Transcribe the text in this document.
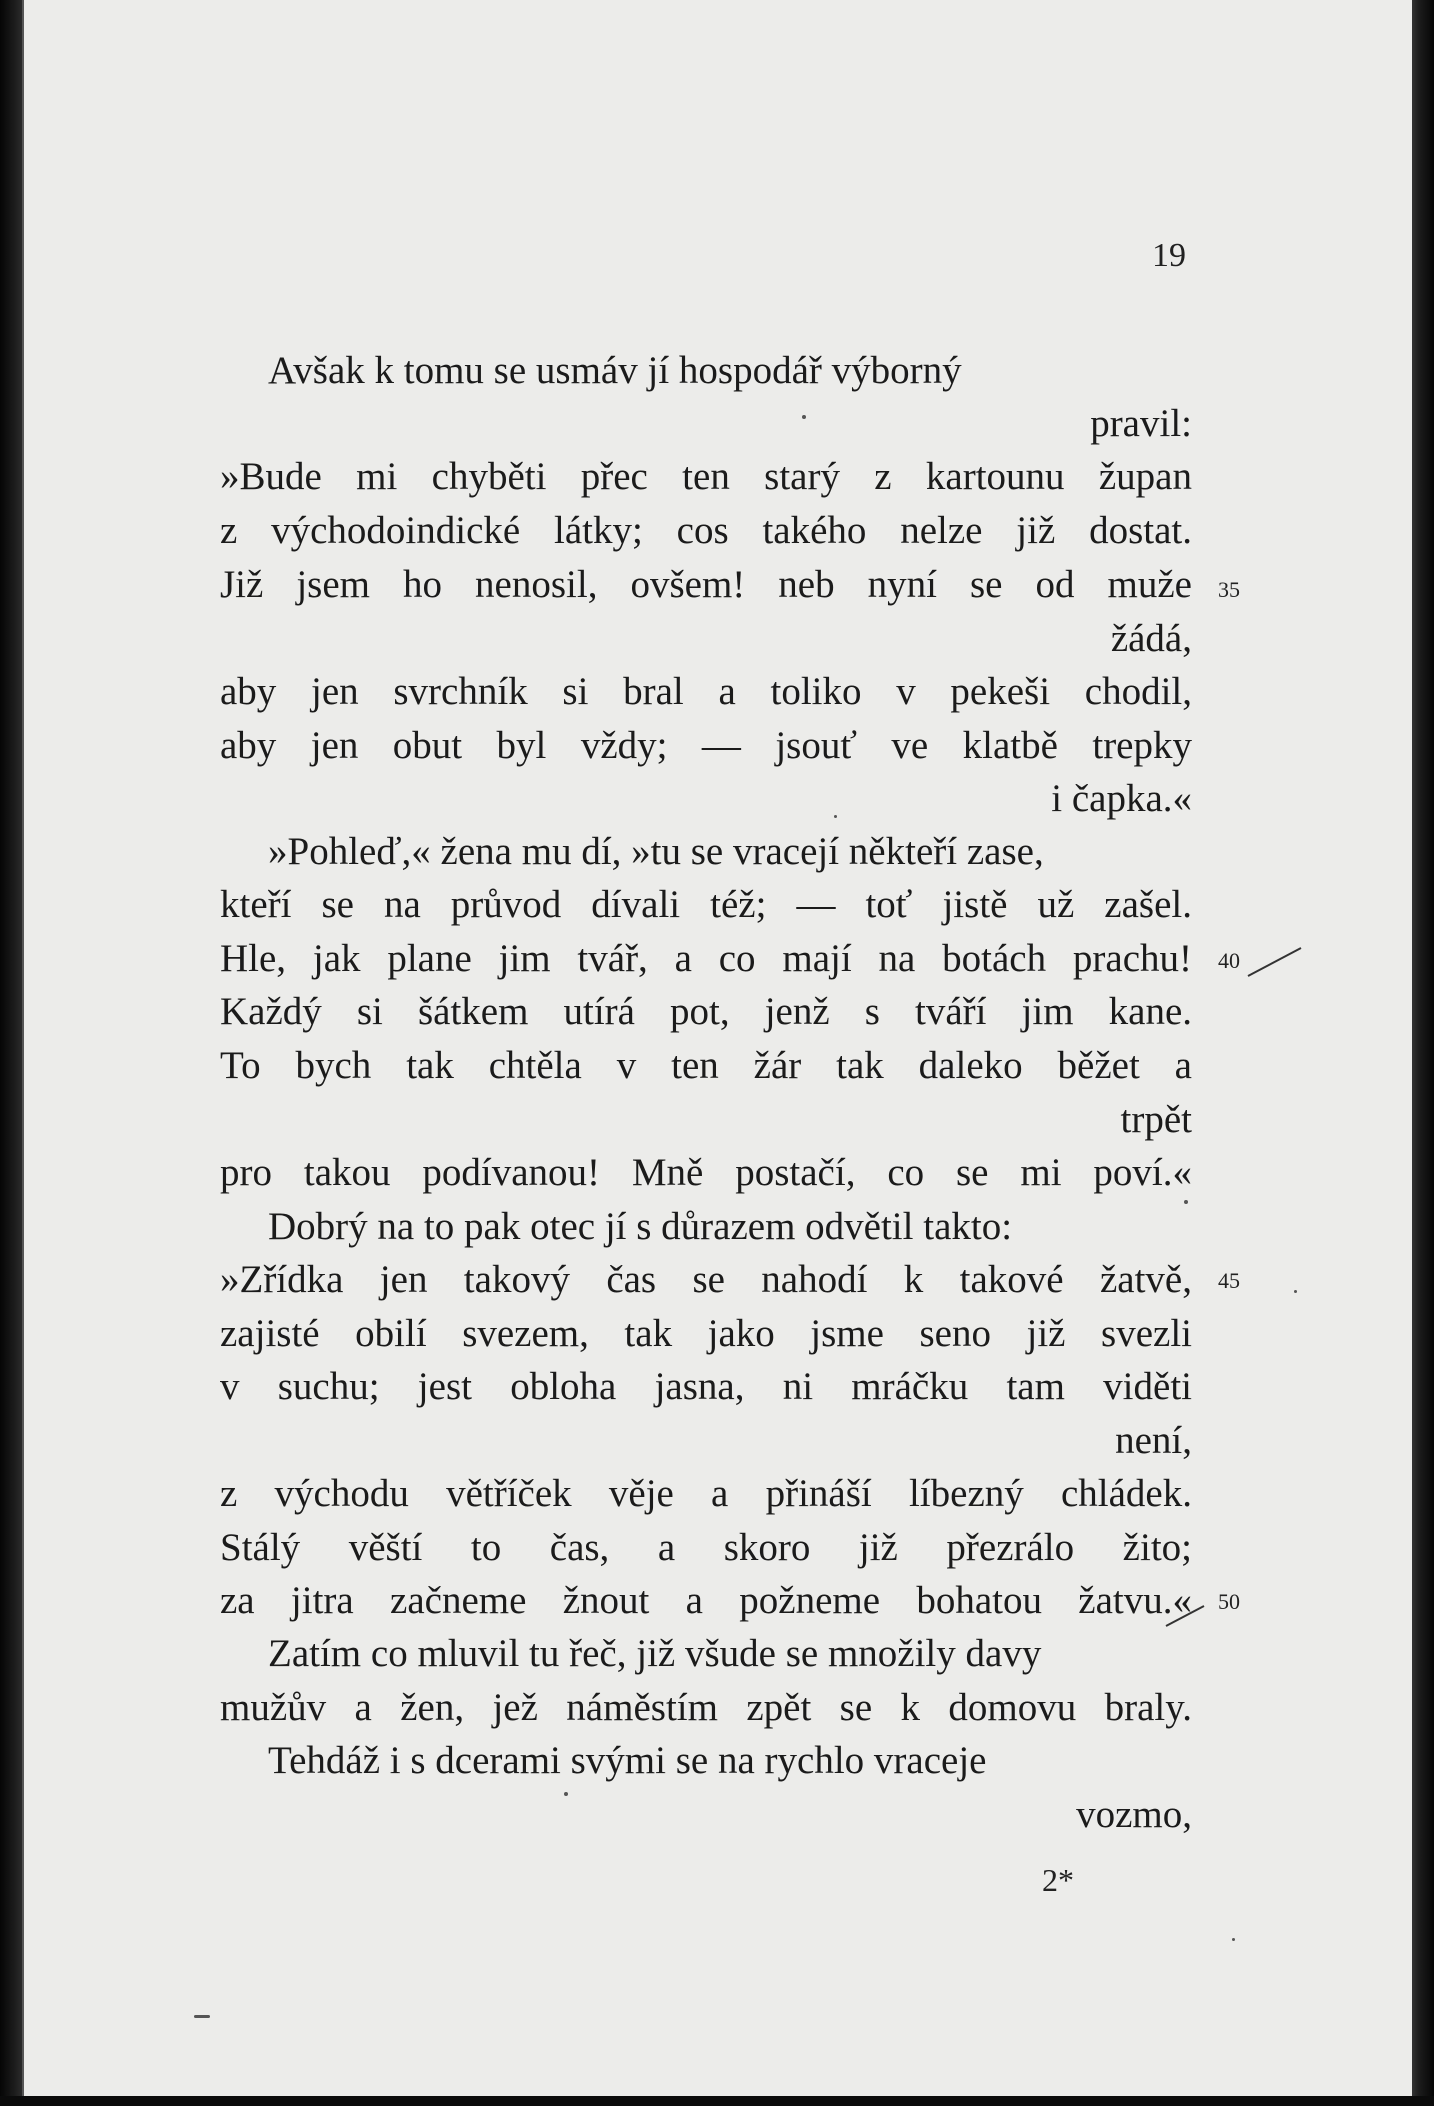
19
Avšak k tomu se usmáv jí hospodář výborný
pravil:
»Bude mi chyběti přec ten starý z kartounu župan
z východoindické látky; cos takého nelze již dostat.
Již jsem ho nenosil, ovšem! neb nyní se od muže
žádá,
aby jen svrchník si bral a toliko v pekeši chodil,
aby jen obut byl vždy; — jsouť ve klatbě trepky
i čapka.«
»Pohleď,« žena mu dí, »tu se vracejí někteří zase,
kteří se na průvod dívali též; — toť jistě už zašel.
Hle, jak plane jim tvář, a co mají na botách prachu!
Každý si šátkem utírá pot, jenž s tváří jim kane.
To bych tak chtěla v ten žár tak daleko běžet a
trpět
pro takou podívanou! Mně postačí, co se mi poví.«
Dobrý na to pak otec jí s důrazem odvětil takto:
»Zřídka jen takový čas se nahodí k takové žatvě,
zajisté obilí svezem, tak jako jsme seno již svezli
v suchu; jest obloha jasna, ni mráčku tam viděti
není,
z východu větříček věje a přináší líbezný chládek.
Stálý věští to čas, a skoro již přezrálo žito;
za jitra začneme žnout a požneme bohatou žatvu.«
Zatím co mluvil tu řeč, již všude se množily davy
mužův a žen, jež náměstím zpět se k domovu braly.
Tehdáž i s dcerami svými se na rychlo vraceje
vozmo,
35
40
45
50
2*
